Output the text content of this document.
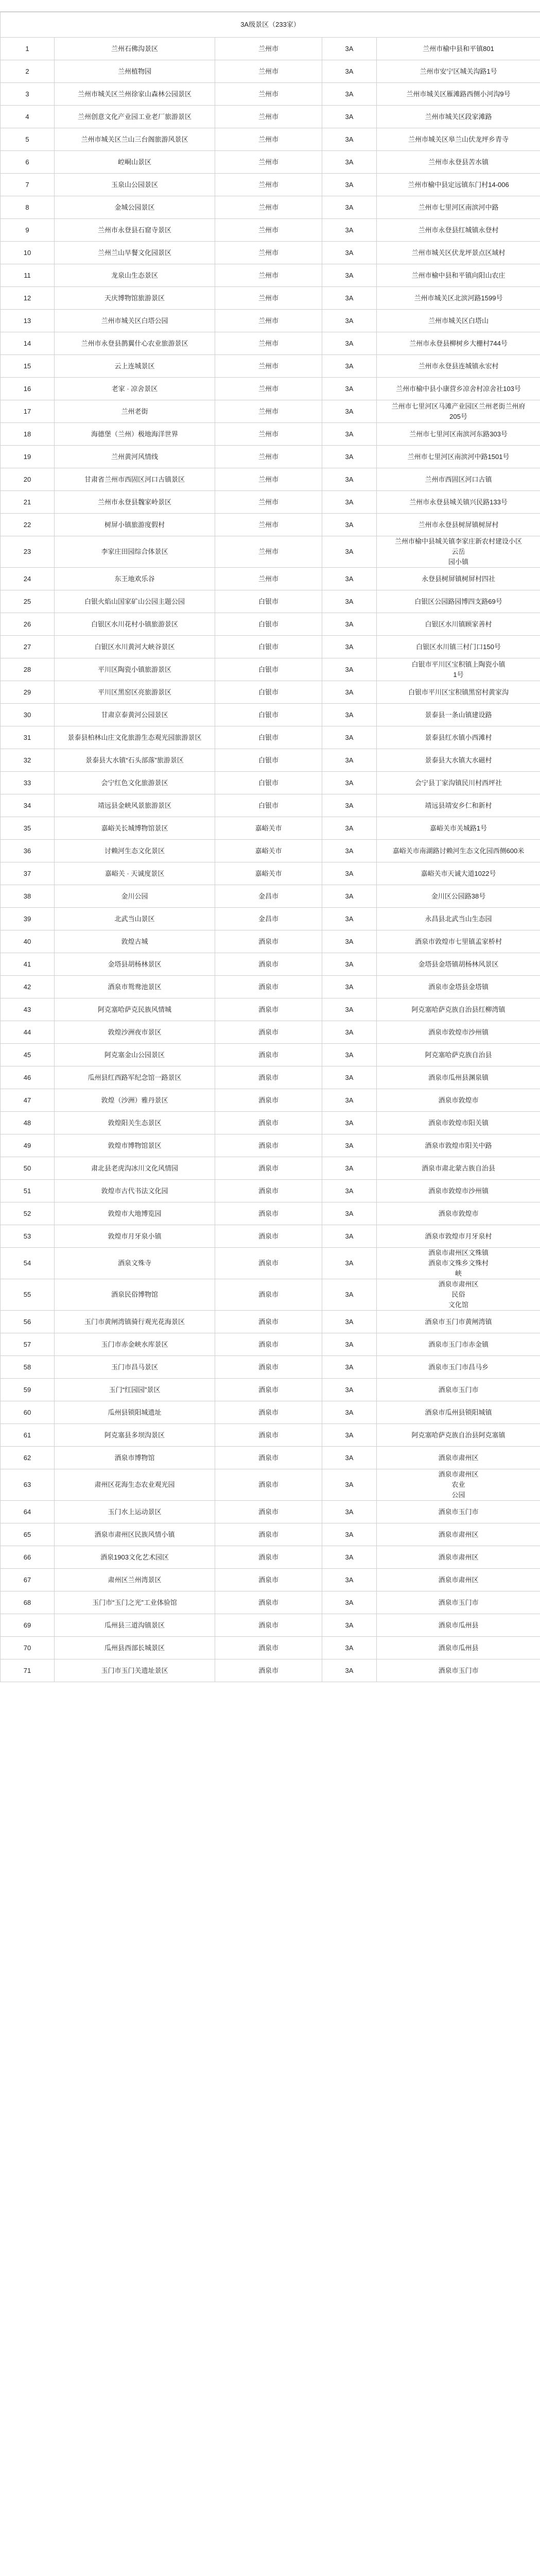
3A级景区（233家）				
1	兰州石佛沟景区	兰州市	3A	兰州市榆中县和平镇801
2	兰州植物园	兰州市	3A	兰州市安宁区城关沟路1号
3	兰州市城关区兰州徐家山森林公园景区	兰州市	3A	兰州市城关区雁滩路西侧小河沟9号
4	兰州创意文化产业园工业老厂旅游景区	兰州市	3A	兰州市城关区段家滩路
5	兰州市城关区兰山三台阁旅游风景区	兰州市	3A	兰州市城关区皋兰山伏龙坪乡青寺
6	崆峒山景区	兰州市	3A	兰州市永登县苦水镇
7	玉泉山公园景区	兰州市	3A	兰州市榆中县定远镇东门村14-006
8	金城公园景区	兰州市	3A	兰州市七里河区南滨河中路
9	兰州市永登县石窟寺景区	兰州市	3A	兰州市永登县红城镇永登村
10	兰州兰山早餐文化园景区	兰州市	3A	兰州市城关区伏龙坪景点区域村
11	龙泉山生态景区	兰州市	3A	兰州市榆中县和平镇向阳山农庄
12	天庆博物馆旅游景区	兰州市	3A	兰州市城关区北滨河路1599号
13	兰州市城关区白塔公园	兰州市	3A	兰州市城关区白塔山
14	兰州市永登县鹊翼什心农业旅游景区	兰州市	3A	兰州市永登县柳树乡大栅村744号
15	云上连城景区	兰州市	3A	兰州市永登县连城镇永宏村
16	老家 · 凉舍景区	兰州市	3A	兰州市榆中县小康营乡凉舍村凉舍社103号
17	兰州老街	兰州市	3A	兰州市七里河区马滩产业园区兰州老街兰州府
205号
18	海德堡（兰州）极地海洋世界	兰州市	3A	兰州市七里河区南滨河东路303号
19	兰州黄河风情线	兰州市	3A	兰州市七里河区南滨河中路1501号
20	甘肃省兰州市西固区河口古镇景区	兰州市	3A	兰州市西固区河口古镇
21	兰州市永登县魏家岭景区	兰州市	3A	兰州市永登县城关镇兴民路133号
22	树屏小镇旅游度假村	兰州市	3A	兰州市永登县树屏镇树屏村
23	李家庄田园综合体景区	兰州市	3A	兰州市榆中县城关镇李家庄新农村建设小区
云岳
园小镇
24	东王地欢乐谷	兰州市	3A	永登县树屏镇树屏村四社
25	白银火焰山国家矿山公园主题公园	白银市	3A	白银区公园路园博四支路69号
26	白银区水川花村小镇旅游景区	白银市	3A	白银区水川镇顾家善村
27	白银区水川黄河大峡谷景区	白银市	3A	白银区水川镇三村门口150号
28	平川区陶瓷小镇旅游景区	白银市	3A	白银市平川区宝积镇上陶瓷小镇
1号
29	平川区黑窑区亮旅游景区	白银市	3A	白银市平川区宝积镇黑窑村黄家沟
30	甘肃京泰黄河公园景区	白银市	3A	景泰县一条山镇建设路
31	景泰县柏林山庄文化旅游生态观光园旅游景区	白银市	3A	景泰县红水镇小西滩村
32	景泰县大水镇“石头部落”旅游景区	白银市	3A	景泰县大水镇大水磁村
33	会宁红色文化旅游景区	白银市	3A	会宁县丁家沟镇民川村西坪社
34	靖远县金峡风景旅游景区	白银市	3A	靖远县靖安乡仁和新村
35	嘉峪关长城博物馆景区	嘉峪关市	3A	嘉峪关市关城路1号
36	讨赖河生态文化景区	嘉峪关市	3A	嘉峪关市南湖路讨赖河生态文化园西侧600米
37	嘉峪关 · 天诚度景区	嘉峪关市	3A	嘉峪关市天诚大道1022号
38	金川公园	金昌市	3A	金川区公园路38号
39	北武当山景区	金昌市	3A	永昌县北武当山生态园
40	敦煌古城	酒泉市	3A	酒泉市敦煌市七里镇孟家桥村
41	金塔县胡杨林景区	酒泉市	3A	金塔县金塔镇胡杨林风景区
42	酒泉市鸳鸯池景区	酒泉市	3A	酒泉市金塔县金塔镇
43	阿克塞哈萨克民族风情城	酒泉市	3A	阿克塞哈萨克族自治县红柳湾镇
44	敦煌沙洲夜市景区	酒泉市	3A	酒泉市敦煌市沙州镇
45	阿克塞金山公园景区	酒泉市	3A	阿克塞哈萨克族自治县
46	瓜州县红西路军纪念馆一路景区	酒泉市	3A	酒泉市瓜州县渊泉镇
47	敦煌（沙洲）雅丹景区	酒泉市	3A	酒泉市敦煌市
48	敦煌阳关生态景区	酒泉市	3A	酒泉市敦煌市阳关镇
49	敦煌市博物馆景区	酒泉市	3A	酒泉市敦煌市阳关中路
50	肃北县老虎沟冰川文化风情园	酒泉市	3A	酒泉市肃北蒙古族自治县
51	敦煌市古代书法文化园	酒泉市	3A	酒泉市敦煌市沙州镇
52	敦煌市大地博览园	酒泉市	3A	酒泉市敦煌市
53	敦煌市月牙泉小镇	酒泉市	3A	酒泉市敦煌市月牙泉村
54	酒泉文殊寺	酒泉市	3A	酒泉市肃州区文殊镇
酒泉市文殊乡文殊村
峡
55	酒泉民俗博物馆	酒泉市	3A	酒泉市肃州区
民俗
文化馆
56	玉门市黄闸湾镇骑行观光花海景区	酒泉市	3A	酒泉市玉门市黄闸湾镇
57	玉门市赤金峡水库景区	酒泉市	3A	酒泉市玉门市赤金镇
58	玉门市昌马景区	酒泉市	3A	酒泉市玉门市昌马乡
59	玉门“红园园”景区	酒泉市	3A	酒泉市玉门市
60	瓜州县锁阳城遗址	酒泉市	3A	酒泉市瓜州县锁阳城镇
61	阿克塞县多坝沟景区	酒泉市	3A	阿克塞哈萨克族自治县阿克塞镇
62	酒泉市博物馆	酒泉市	3A	酒泉市肃州区
63	肃州区花海生态农业观光园	酒泉市	3A	酒泉市肃州区
农业
公园
64	玉门水上运动景区	酒泉市	3A	酒泉市玉门市
65	酒泉市肃州区民族风情小镇	酒泉市	3A	酒泉市肃州区
66	酒泉1903文化艺术园区	酒泉市	3A	酒泉市肃州区
67	肃州区兰州湾景区	酒泉市	3A	酒泉市肃州区
68	玉门市“玉门之光”工业体验馆	酒泉市	3A	酒泉市玉门市
69	瓜州县三道沟镇景区	酒泉市	3A	酒泉市瓜州县
70	瓜州县西部长城景区	酒泉市	3A	酒泉市瓜州县
71	玉门市玉门关遗址景区	酒泉市	3A	酒泉市玉门市
